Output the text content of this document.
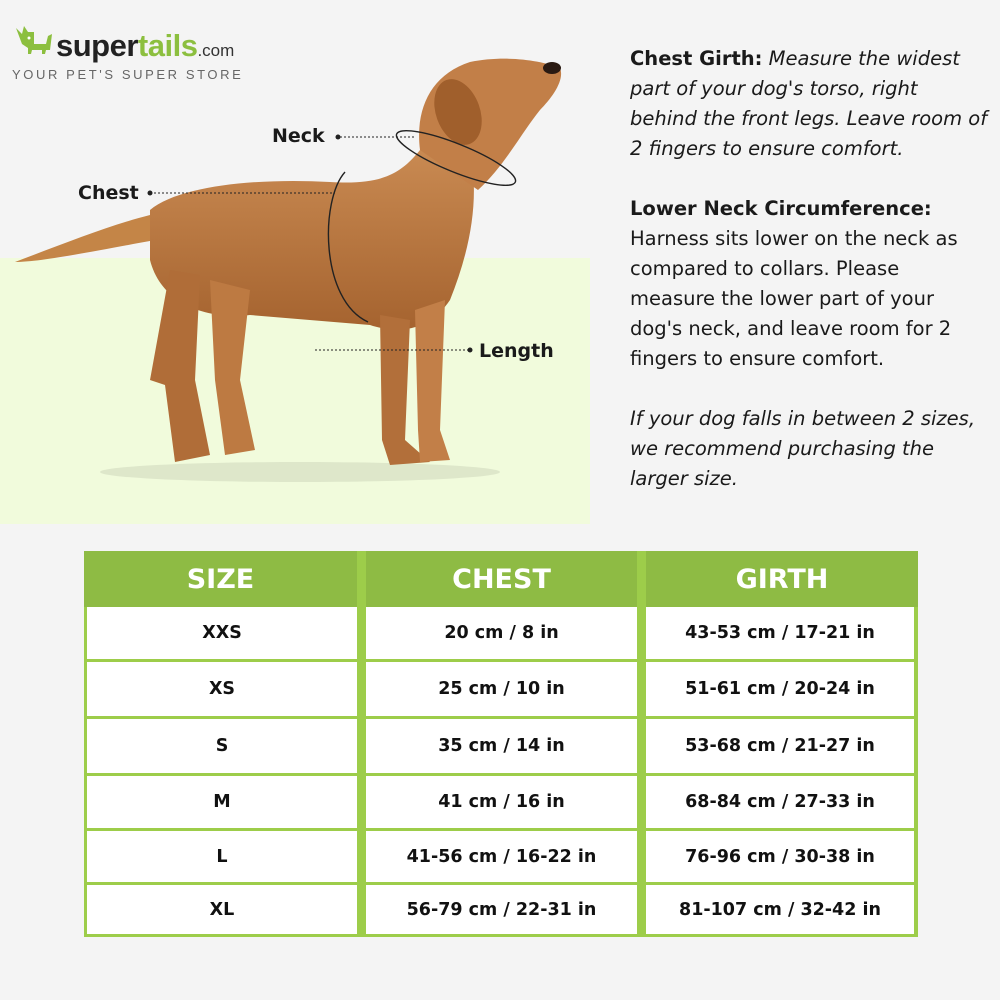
supertails.com
YOUR PET'S SUPER STORE
Neck
Chest
Length

Chest Girth: Measure the widest part of your dog's torso, right behind the front legs. Leave room of 2 fingers to ensure comfort.

Lower Neck Circumference:
Harness sits lower on the neck as compared to collars. Please measure the lower part of your dog's neck, and leave room for 2 fingers to ensure comfort.

If your dog falls in between 2 sizes, we recommend purchasing the larger size.

SIZE	CHEST	GIRTH
XXS	20 cm / 8 in	43-53 cm / 17-21 in
XS	25 cm / 10 in	51-61 cm / 20-24 in
S	35 cm / 14 in	53-68 cm / 21-27 in
M	41 cm / 16 in	68-84 cm / 27-33 in
L	41-56 cm / 16-22 in	76-96 cm / 30-38 in
XL	56-79 cm / 22-31 in	81-107 cm / 32-42 in
